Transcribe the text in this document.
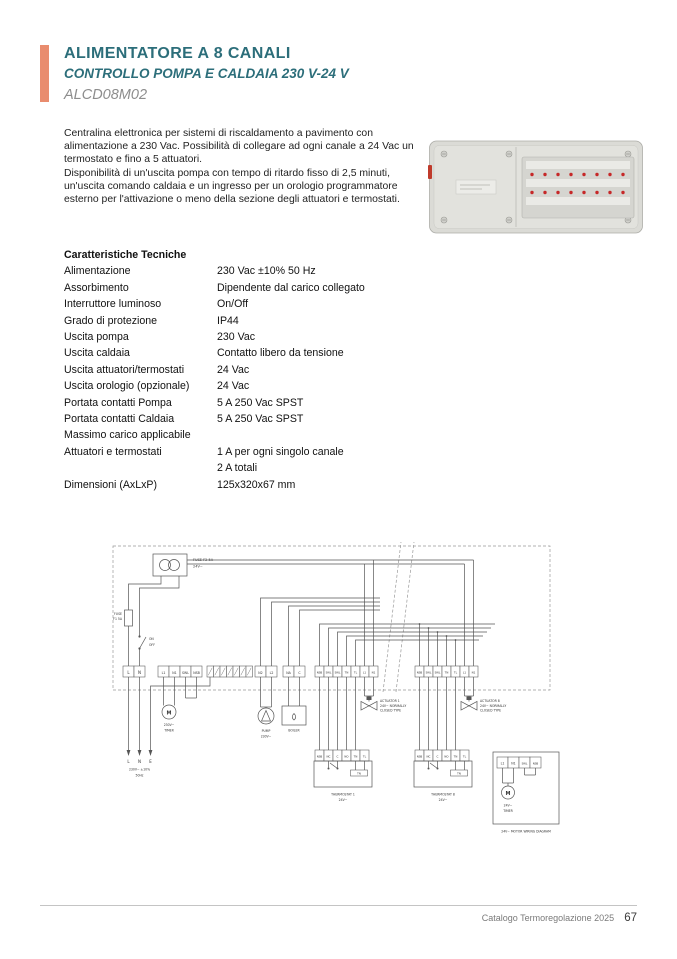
ALIMENTATORE A 8 CANALI
CONTROLLO POMPA E CALDAIA 230 V-24 V
ALCD08M02

Centralina elettronica per sistemi di riscaldamento a pavimento con alimentazione a 230 Vac. Possibilità di collegare ad ogni canale a 24 Vac un termostato e fino a 5 attuatori.

Disponibilità di un'uscita pompa con tempo di ritardo fisso di 2,5 minuti, un'uscita comando caldaia e un ingresso per un orologio programmatore esterno per l'attivazione o meno della sezione degli attuatori e termostati.

Caratteristiche Tecniche
Alimentazione	230 Vac ±10% 50 Hz
Assorbimento	Dipendente dal carico collegato
Interruttore luminoso	On/Off
Grado di protezione	IP44
Uscita pompa	230 Vac
Uscita caldaia	Contatto libero da tensione
Uscita attuatori/termostati	24 Vac
Uscita orologio (opzionale)	24 Vac
Portata contatti Pompa	5 A 250 Vac SPST
Portata contatti Caldaia	5 A 250 Vac SPST
Massimo carico applicabile
Attuatori e termostati	1 A per ogni singolo canale
2 A totali
Dimensioni (AxLxP)	125x320x67 mm
FUSE F2 5A
24V~
FUSE
F1 5A
ON
OFF
L N	L1 N1 SWL NSB	N2 L2	NA C	NSB SWL SWL	TN	TL L1 N1	NSB SWL SWL	TN	TL L1 N1
L N E
230V~ ±10%
50Hz
M
230V~
TIMER	PUMP
230V~
BOILER
ACTUATOR 1
24V~ NORMALLY
CLOSED TYPE
NSB NC C NO	TN	TL
TN
THERMOSTAT 1
24V~
ACTUATOR 8
24V~ NORMALLY
CLOSED TYPE
NSB NC C NO	TN	TL
TN
THERMOSTAT 8
24V~
L1 N1 SWL NSB
M
24V~
TIMER
24V~ MOTOR WIRING DIAGRAM
Catalogo Termoregolazione 2025 67
